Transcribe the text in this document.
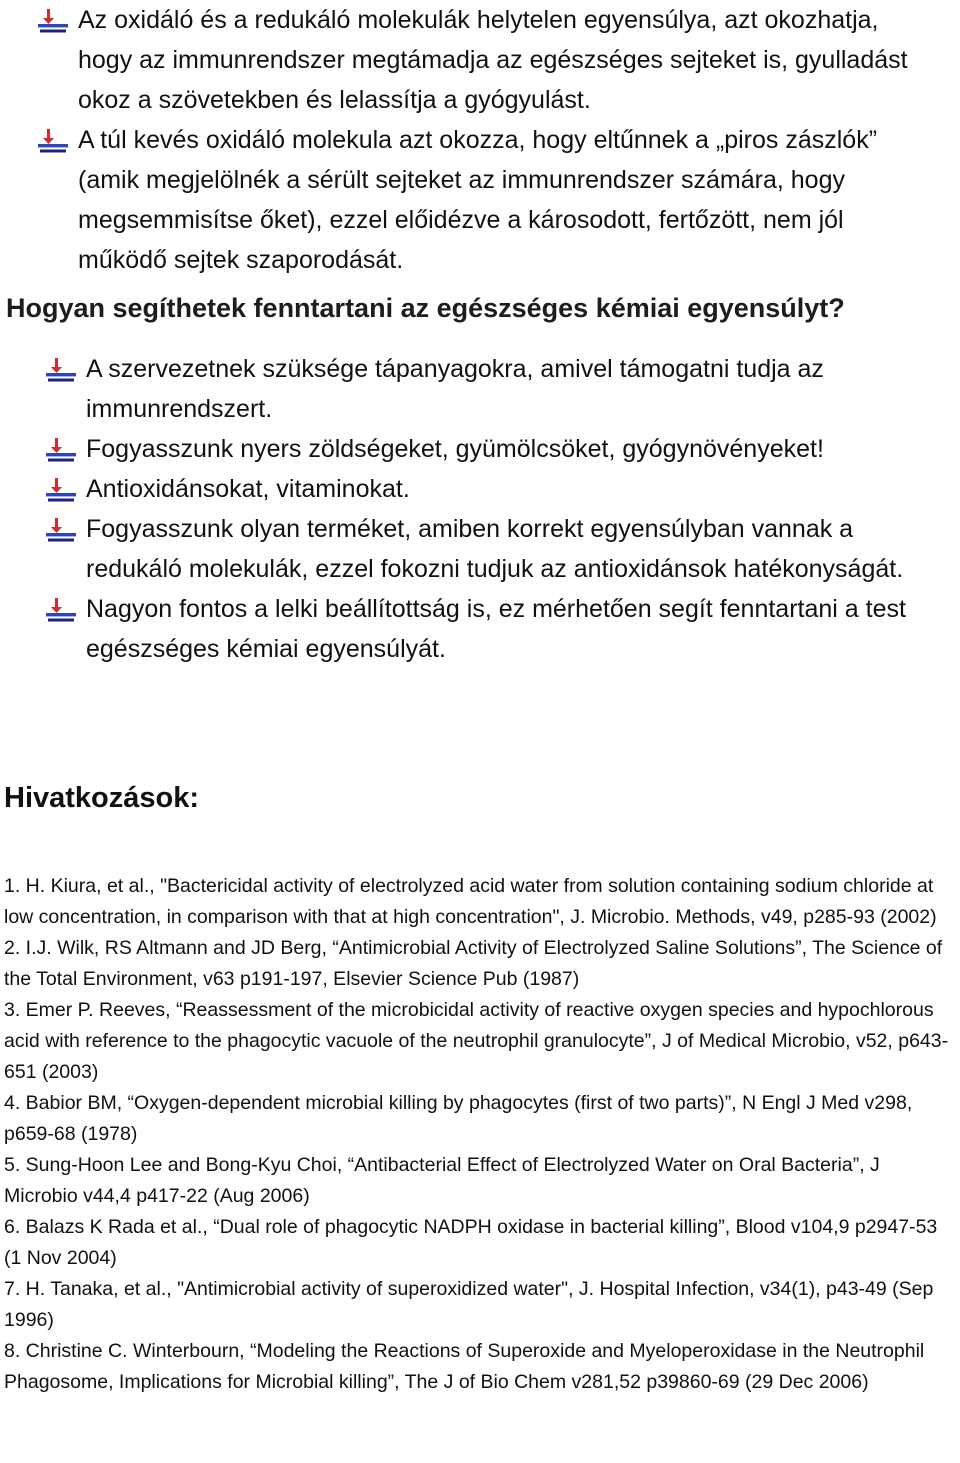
Az oxidáló és a redukáló molekulák helytelen egyensúlya, azt okozhatja, hogy az immunrendszer megtámadja az egészséges sejteket is, gyulladást okoz a szövetekben és lelassítja a gyógyulást.
A túl kevés oxidáló molekula azt okozza, hogy eltűnnek a „piros zászlók” (amik megjelölnék a sérült sejteket az immunrendszer számára, hogy megsemmisítse őket), ezzel előidézve a károsodott, fertőzött, nem jól működő sejtek szaporodását.
Hogyan segíthetek fenntartani az egészséges kémiai egyensúlyt?
A szervezetnek szüksége tápanyagokra, amivel támogatni tudja az immunrendszert.
Fogyasszunk nyers zöldségeket, gyümölcsöket, gyógynövényeket!
Antioxidánsokat, vitaminokat.
Fogyasszunk olyan terméket, amiben korrekt egyensúlyban vannak a redukáló molekulák, ezzel fokozni tudjuk az antioxidánsok hatékonyságát.
Nagyon fontos a lelki beállítottság is, ez mérhetően segít fenntartani a test egészséges kémiai egyensúlyát.
Hivatkozások:
1. H. Kiura, et al., "Bactericidal activity of electrolyzed acid water from solution containing sodium chloride at low concentration, in comparison with that at high concentration", J. Microbio. Methods, v49, p285-93 (2002)
2. I.J. Wilk, RS Altmann and JD Berg, “Antimicrobial Activity of Electrolyzed Saline Solutions”, The Science of the Total Environment, v63 p191-197, Elsevier Science Pub (1987)
3. Emer P. Reeves, “Reassessment of the microbicidal activity of reactive oxygen species and hypochlorous acid with reference to the phagocytic vacuole of the neutrophil granulocyte”, J of Medical Microbio, v52, p643-651 (2003)
4. Babior BM, “Oxygen-dependent microbial killing by phagocytes (first of two parts)”, N Engl J Med v298, p659-68 (1978)
5. Sung-Hoon Lee and Bong-Kyu Choi, “Antibacterial Effect of Electrolyzed Water on Oral Bacteria”, J Microbio v44,4 p417-22 (Aug 2006)
6. Balazs K Rada et al., “Dual role of phagocytic NADPH oxidase in bacterial killing”, Blood v104,9 p2947-53 (1 Nov 2004)
7. H. Tanaka, et al., "Antimicrobial activity of superoxidized water", J. Hospital Infection, v34(1), p43-49 (Sep 1996)
8. Christine C. Winterbourn, “Modeling the Reactions of Superoxide and Myeloperoxidase in the Neutrophil Phagosome, Implications for Microbial killing”, The J of Bio Chem v281,52 p39860-69 (29 Dec 2006)
